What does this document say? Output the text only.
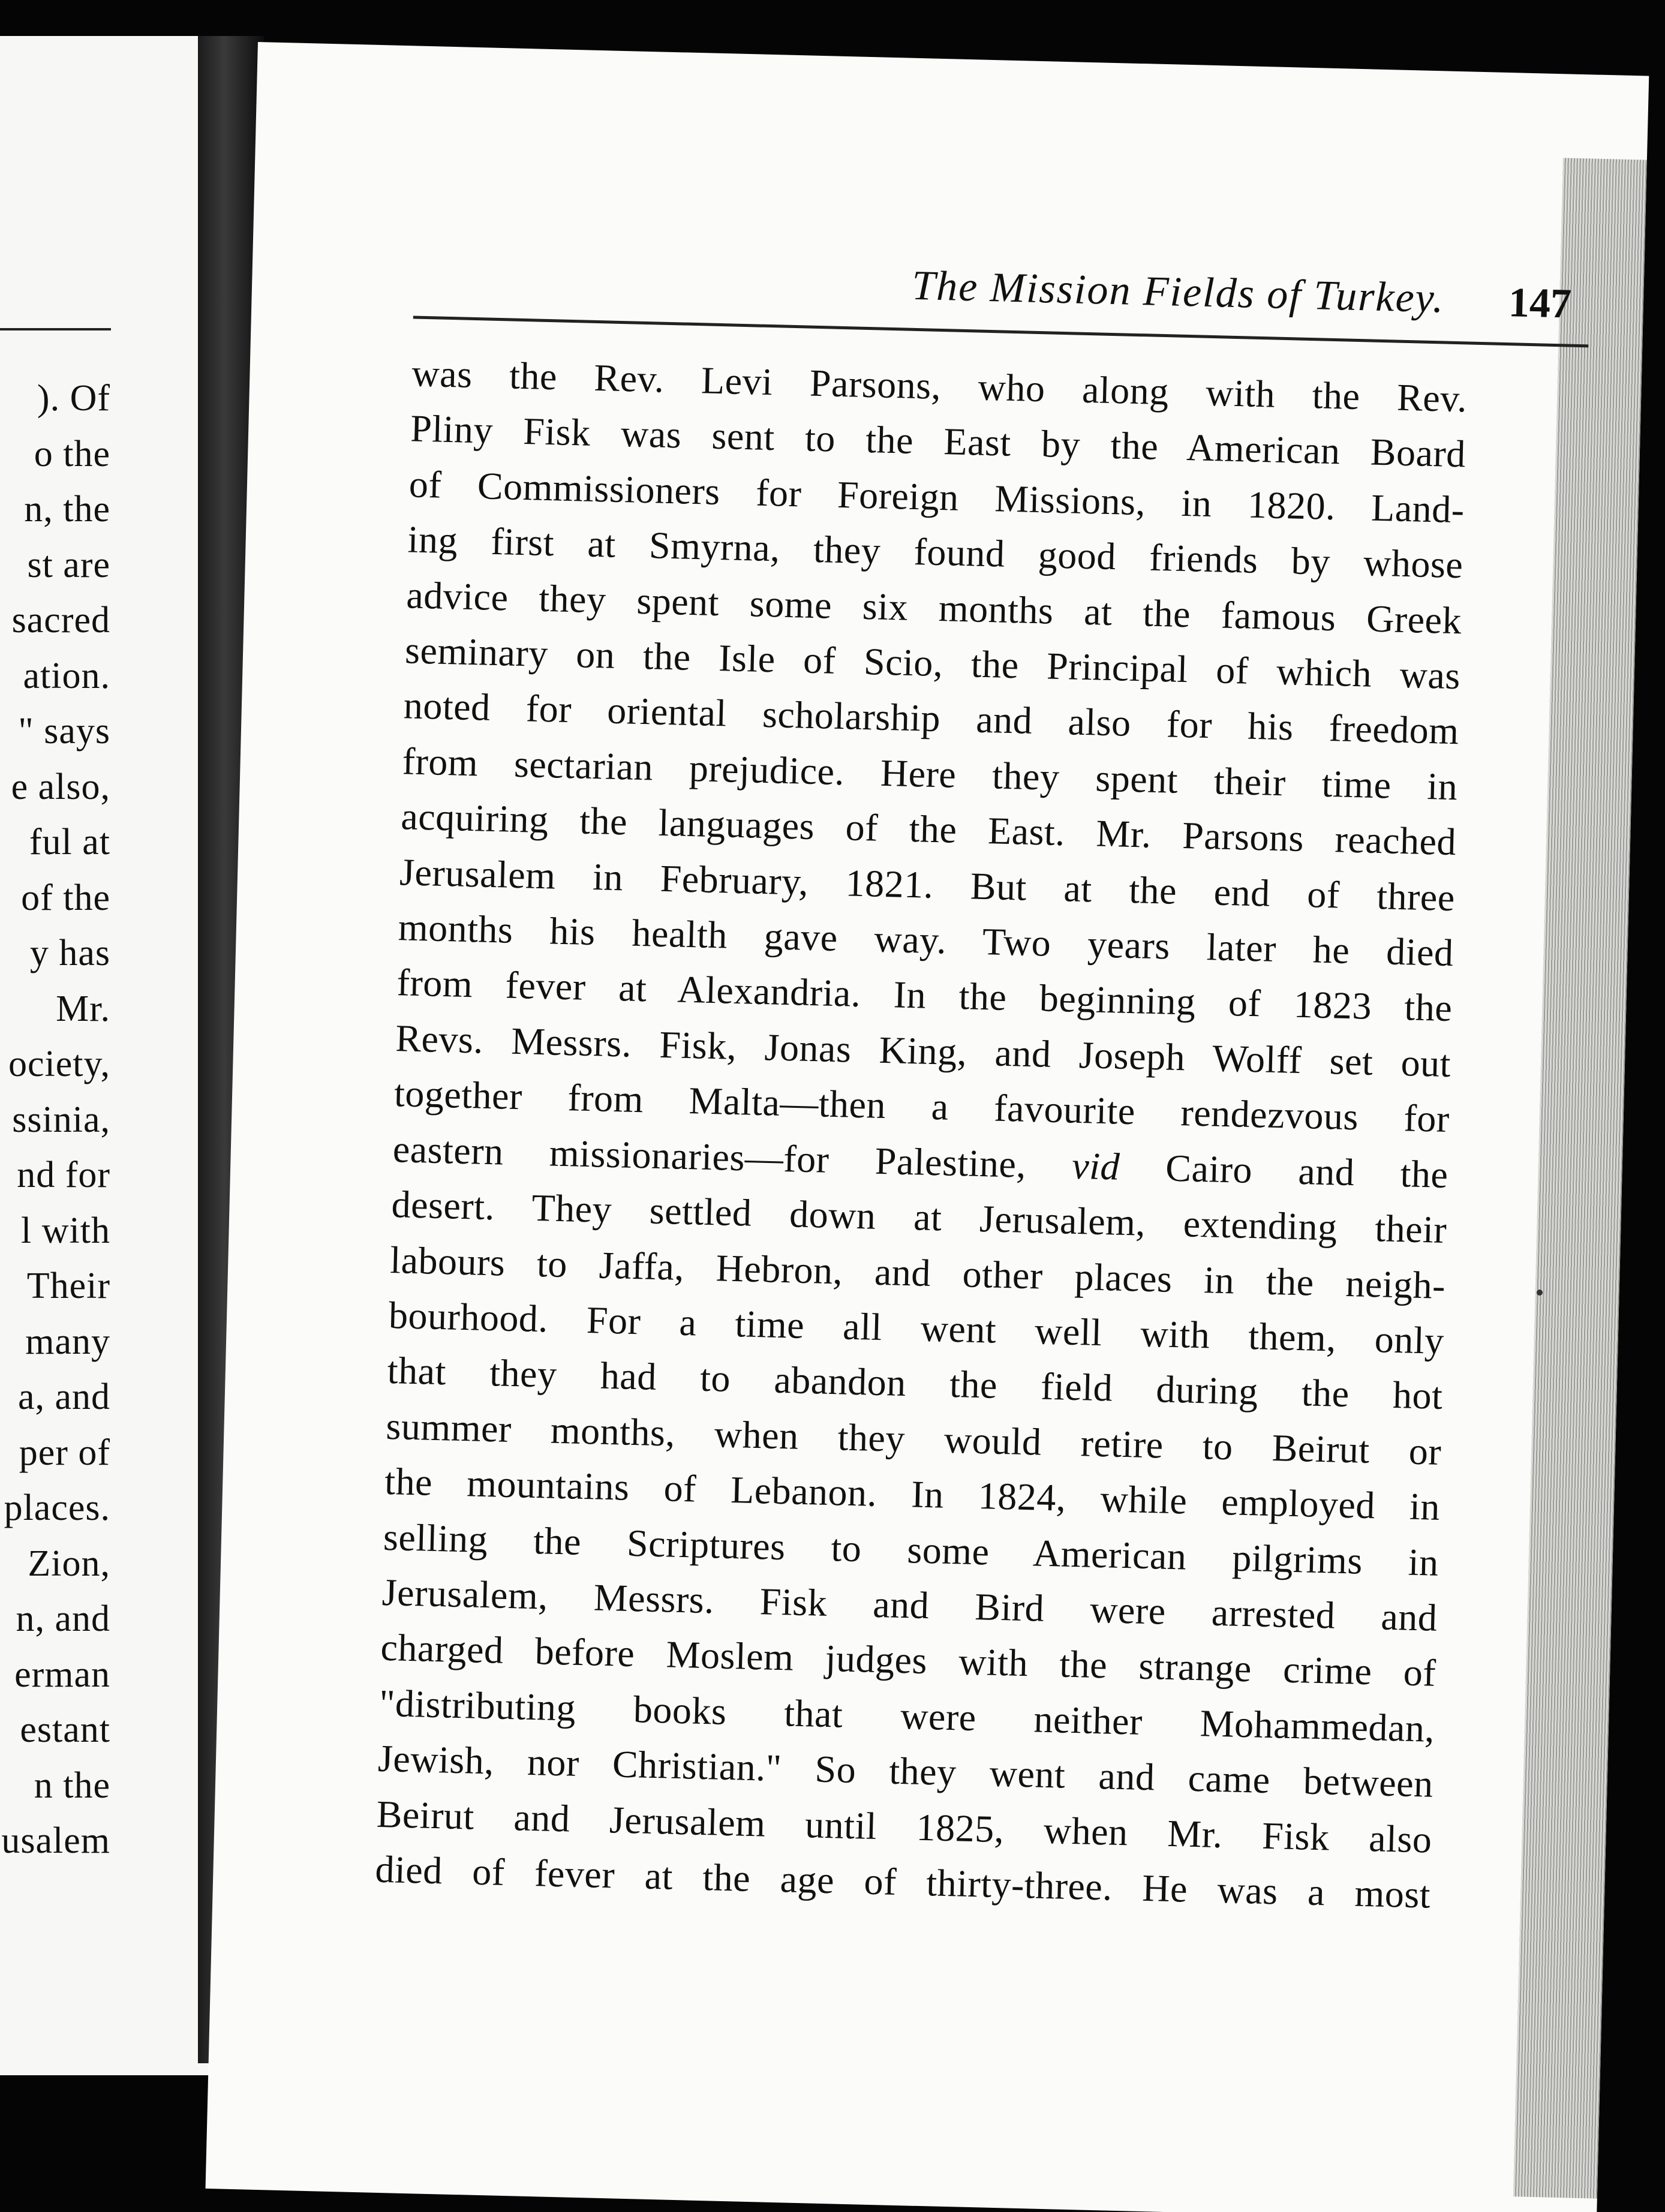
). Of
o the
n, the
st are
sacred
ation.
" says
e also,
ful at
of the
y has
Mr.
ociety,
ssinia,
nd for
l with
Their
many
a, and
per of
places.
Zion,
n, and
erman
estant
n the
usalem
The Mission Fields of Turkey. 147
was the Rev. Levi Parsons, who along with the Rev.
Pliny Fisk was sent to the East by the American Board
of Commissioners for Foreign Missions, in 1820. Land-
ing first at Smyrna, they found good friends by whose
advice they spent some six months at the famous Greek
seminary on the Isle of Scio, the Principal of which was
noted for oriental scholarship and also for his freedom
from sectarian prejudice. Here they spent their time in
acquiring the languages of the East. Mr. Parsons reached
Jerusalem in February, 1821. But at the end of three
months his health gave way. Two years later he died
from fever at Alexandria. In the beginning of 1823 the
Revs. Messrs. Fisk, Jonas King, and Joseph Wolff set out
together from Malta—then a favourite rendezvous for
eastern missionaries—for Palestine, vid Cairo and the
desert. They settled down at Jerusalem, extending their
labours to Jaffa, Hebron, and other places in the neigh-
bourhood. For a time all went well with them, only
that they had to abandon the field during the hot
summer months, when they would retire to Beirut or
the mountains of Lebanon. In 1824, while employed in
selling the Scriptures to some American pilgrims in
Jerusalem, Messrs. Fisk and Bird were arrested and
charged before Moslem judges with the strange crime of
"distributing books that were neither Mohammedan,
Jewish, nor Christian." So they went and came between
Beirut and Jerusalem until 1825, when Mr. Fisk also
died of fever at the age of thirty-three. He was a most
